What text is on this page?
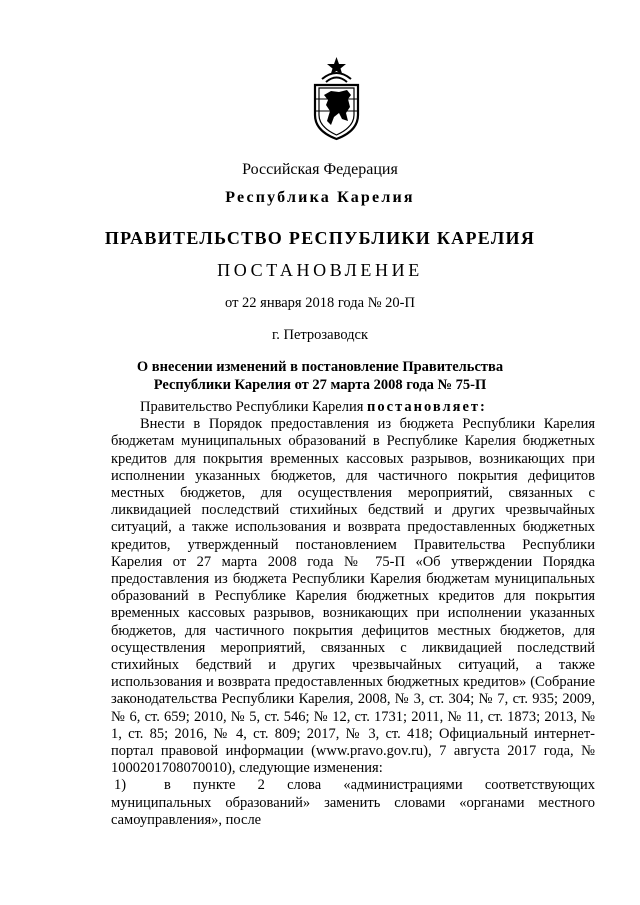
Российская Федерация
Республика Карелия
ПРАВИТЕЛЬСТВО РЕСПУБЛИКИ КАРЕЛИЯ
ПОСТАНОВЛЕНИЕ
от 22 января 2018 года № 20-П
г. Петрозаводск
О внесении изменений в постановление Правительства
Республики Карелия от 27 марта 2008 года № 75-П

Правительство Республики Карелия постановляет:

Внести в Порядок предоставления из бюджета Республики Карелия бюджетам муниципальных образований в Республике Карелия бюджетных кредитов для покрытия временных кассовых разрывов, возникающих при исполнении указанных бюджетов, для частичного покрытия дефицитов местных бюджетов, для осуществления мероприятий, связанных с ликвидацией последствий стихийных бедствий и других чрезвычайных ситуаций, а также использования и возврата предоставленных бюджетных кредитов, утвержденный постановлением Правительства Республики Карелия от 27 марта 2008 года № 75-П «Об утверждении Порядка предоставления из бюджета Республики Карелия бюджетам муниципальных образований в Республике Карелия бюджетных кредитов для покрытия временных кассовых разрывов, возникающих при исполнении указанных бюджетов, для частичного покрытия дефицитов местных бюджетов, для осуществления мероприятий, связанных с ликвидацией последствий стихийных бедствий и других чрезвычайных ситуаций, а также использования и возврата предоставленных бюджетных кредитов» (Собрание законодательства Республики Карелия, 2008, № 3, ст. 304; № 7, ст. 935; 2009, № 6, ст. 659; 2010, № 5, ст. 546; № 12, ст. 1731; 2011, № 11, ст. 1873; 2013, № 1, ст. 85; 2016, № 4, ст. 809; 2017, № 3, ст. 418; Официальный интернет-портал правовой информации (www.pravo.gov.ru), 7 августа 2017 года, № 1000201708070010), следующие изменения:

1)	в пункте 2 слова «администрациями соответствующих муниципальных образований» заменить словами «органами местного самоуправления», после
